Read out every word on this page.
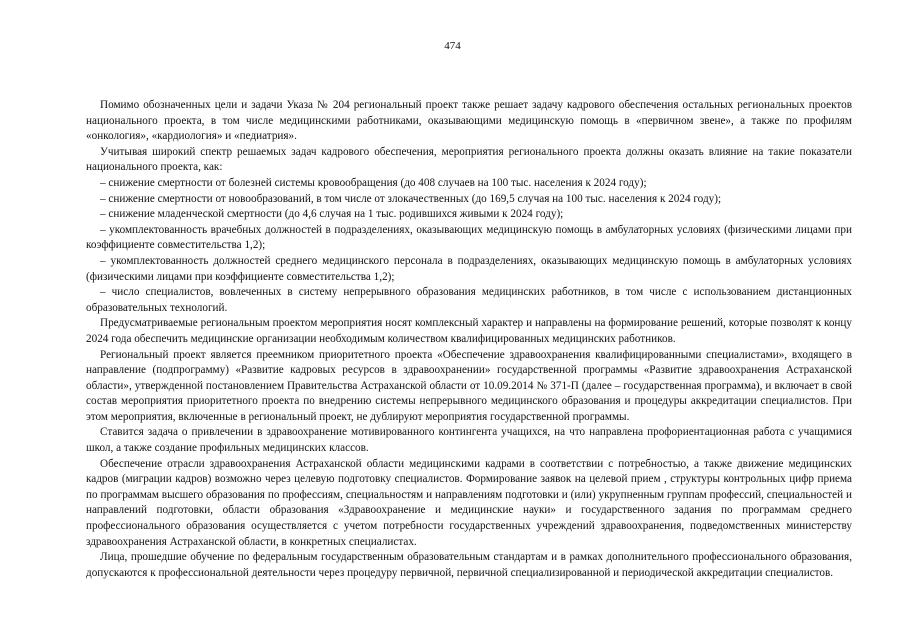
474

Помимо обозначенных цели и задачи Указа № 204 региональный проект также решает задачу кадрового обеспечения остальных региональных проектов национального проекта, в том числе медицинскими работниками, оказывающими медицинскую помощь в «первичном звене», а также по профилям «онкология», «кардиология» и «педиатрия».

Учитывая широкий спектр решаемых задач кадрового обеспечения, мероприятия регионального проекта должны оказать влияние на такие показатели национального проекта, как:

– снижение смертности от болезней системы кровообращения (до 408 случаев на 100 тыс. населения к 2024 году);

– снижение смертности от новообразований, в том числе от злокачественных (до 169,5 случая на 100 тыс. населения к 2024 году);

– снижение младенческой смертности (до 4,6 случая на 1 тыс. родившихся живыми к 2024 году);

– укомплектованность врачебных должностей в подразделениях, оказывающих медицинскую помощь в амбулаторных условиях (физическими лицами при коэффициенте совместительства 1,2);

– укомплектованность должностей среднего медицинского персонала в подразделениях, оказывающих медицинскую помощь в амбулаторных условиях (физическими лицами при коэффициенте совместительства 1,2);

– число специалистов, вовлеченных в систему непрерывного образования медицинских работников, в том числе с использованием дистанционных образовательных технологий.

Предусматриваемые региональным проектом мероприятия носят комплексный характер и направлены на формирование решений, которые позволят к концу 2024 года обеспечить медицинские организации необходимым количеством квалифицированных медицинских работников.

Региональный проект является преемником приоритетного проекта «Обеспечение здравоохранения квалифицированными специалистами», входящего в направление (подпрограмму) «Развитие кадровых ресурсов в здравоохранении» государственной программы «Развитие здравоохранения Астраханской области», утвержденной постановлением Правительства Астраханской области от 10.09.2014 № 371-П (далее – государственная программа), и включает в свой состав мероприятия приоритетного проекта по внедрению системы непрерывного медицинского образования и процедуры аккредитации специалистов. При этом мероприятия, включенные в региональный проект, не дублируют мероприятия государственной программы.

Ставится задача о привлечении в здравоохранение мотивированного контингента учащихся, на что направлена профориентационная работа с учащимися школ, а также создание профильных медицинских классов.

Обеспечение отрасли здравоохранения Астраханской области медицинскими кадрами в соответствии с потребностью, а также движение медицинских кадров (миграции кадров) возможно через целевую подготовку специалистов. Формирование заявок на целевой прием , структуры контрольных цифр приема по программам высшего образования по профессиям, специальностям и направлениям подготовки и (или) укрупненным группам профессий, специальностей и направлений подготовки, области образования «Здравоохранение и медицинские науки» и государственного задания по программам среднего профессионального образования осуществляется с учетом потребности государственных учреждений здравоохранения, подведомственных министерству здравоохранения Астраханской области, в конкретных специалистах.

Лица, прошедшие обучение по федеральным государственным образовательным стандартам и в рамках дополнительного профессионального образования, допускаются к профессиональной деятельности через процедуру первичной, первичной специализированной и периодической аккредитации специалистов.
